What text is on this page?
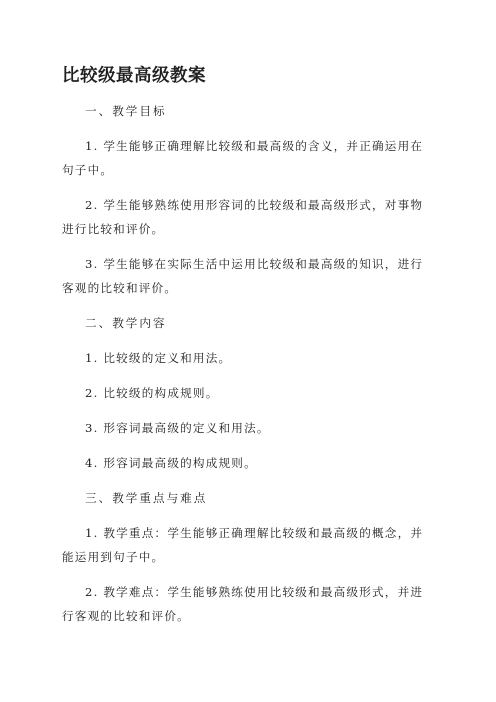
比较级最高级教案
一、教学目标
1. 学生能够正确理解比较级和最高级的含义，并正确运用在句子中。
2. 学生能够熟练使用形容词的比较级和最高级形式，对事物进行比较和评价。
3. 学生能够在实际生活中运用比较级和最高级的知识，进行客观的比较和评价。
二、教学内容
1. 比较级的定义和用法。
2. 比较级的构成规则。
3. 形容词最高级的定义和用法。
4. 形容词最高级的构成规则。
三、教学重点与难点
1. 教学重点：学生能够正确理解比较级和最高级的概念，并能运用到句子中。
2. 教学难点：学生能够熟练使用比较级和最高级形式，并进行客观的比较和评价。
